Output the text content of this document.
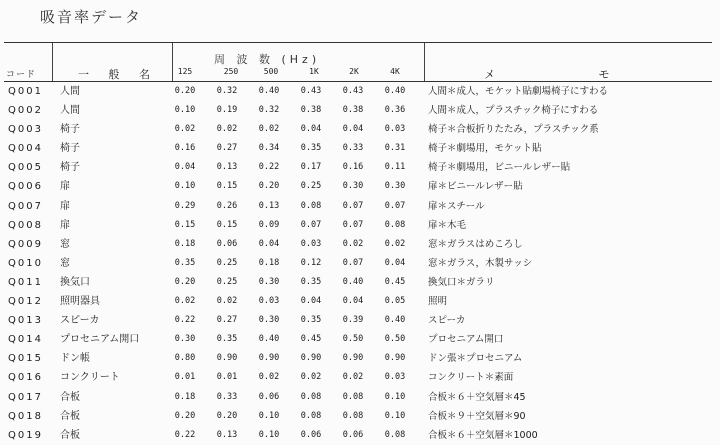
吸音率データ
コード	一 般 名
周 波 数 (Hz)
125	250	500	1K	2K	4K	メ モ
Q001 人間	0.20	0.32	0.40	0.43	0.43	0.40	人間＊成人，モケット貼劇場椅子にすわる
Q002 人間	0.10	0.19	0.32	0.38	0.38	0.36	人間＊成人，プラスチック椅子にすわる
Q003 椅子	0.02	0.02	0.02	0.04	0.04	0.03	椅子＊合板折りたたみ，プラスチック系
Q004 椅子	0.16	0.27	0.34	0.35	0.33	0.31	椅子＊劇場用，モケット貼
Q005 椅子	0.04	0.13	0.22	0.17	0.16	0.11	椅子＊劇場用，ビニールレザー貼
Q006 扉	0.10	0.15	0.20	0.25	0.30	0.30	扉＊ビニールレザー貼
Q007 扉	0.29	0.26	0.13	0.08	0.07	0.07	扉＊スチール
Q008 扉	0.15	0.15	0.09	0.07	0.07	0.08	扉＊木毛
Q009 窓	0.18	0.06	0.04	0.03	0.02	0.02	窓＊ガラスはめころし
Q010 窓	0.35	0.25	0.18	0.12	0.07	0.04	窓＊ガラス，木製サッシ
Q011 換気口	0.20	0.25	0.30	0.35	0.40	0.45	換気口＊ガラリ
Q012 照明器具	0.02	0.02	0.03	0.04	0.04	0.05	照明
Q013 スピーカ	0.22	0.27	0.30	0.35	0.39	0.40	スピーカ
Q014 プロセニアム開口	0.30	0.35	0.40	0.45	0.50	0.50	プロセニアム開口
Q015 ドン帳	0.80	0.90	0.90	0.90	0.90	0.90	ドン張＊プロセニアム
Q016 コンクリート	0.01	0.01	0.02	0.02	0.02	0.03	コンクリート＊素面
Q017 合板	0.18	0.33	0.06	0.08	0.08	0.10	合板＊６＋空気層＊45
Q018 合板	0.20	0.20	0.10	0.08	0.08	0.10	合板＊９＋空気層＊90
Q019 合板	0.22	0.13	0.10	0.06	0.06	0.08	合板＊６＋空気層＊1000
